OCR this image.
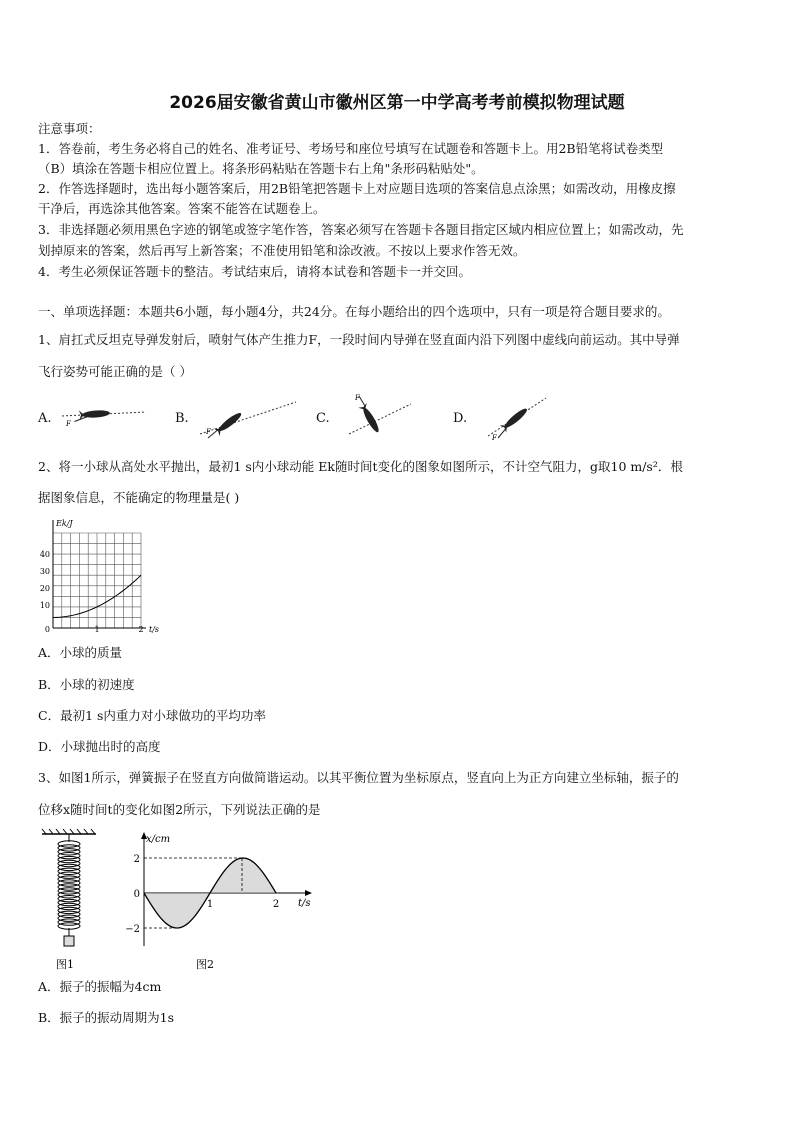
2026届安徽省黄山市徽州区第一中学高考考前模拟物理试题
注意事项：
1．答卷前，考生务必将自己的姓名、准考证号、考场号和座位号填写在试题卷和答题卡上。用2B铅笔将试卷类型
（B）填涂在答题卡相应位置上。将条形码粘贴在答题卡右上角"条形码粘贴处"。
2．作答选择题时，选出每小题答案后，用2B铅笔把答题卡上对应题目选项的答案信息点涂黑；如需改动，用橡皮擦
干净后，再选涂其他答案。答案不能答在试题卷上。
3．非选择题必须用黑色字迹的钢笔或签字笔作答，答案必须写在答题卡各题目指定区域内相应位置上；如需改动，先
划掉原来的答案，然后再写上新答案；不准使用铅笔和涂改液。不按以上要求作答无效。
4．考生必须保证答题卡的整洁。考试结束后，请将本试卷和答题卡一并交回。
一、单项选择题：本题共6小题，每小题4分，共24分。在每小题给出的四个选项中，只有一项是符合题目要求的。
1、肩扛式反坦克导弹发射后，喷射气体产生推力F，一段时间内导弹在竖直面内沿下列图中虚线向前运动。其中导弹
飞行姿势可能正确的是（ ）
A. F	B.
F
C.
F
D.
F
2、将一小球从高处水平抛出，最初1 s内小球动能 Ek随时间t变化的图象如图所示，不计空气阻力，g取10 m/s²．根
据图象信息，不能确定的物理量是( )
Ek/J
t/s
40
30
20
10
0	1	2
A．小球的质量
B．小球的初速度
C．最初1 s内重力对小球做功的平均功率
D．小球抛出时的高度
3、如图1所示，弹簧振子在竖直方向做简谐运动。以其平衡位置为坐标原点，竖直向上为正方向建立坐标轴，振子的
位移x随时间t的变化如图2所示，下列说法正确的是
图1
x/cm
t/s
2
0
−2
1	2
图2
A．振子的振幅为4cm
B．振子的振动周期为1s
